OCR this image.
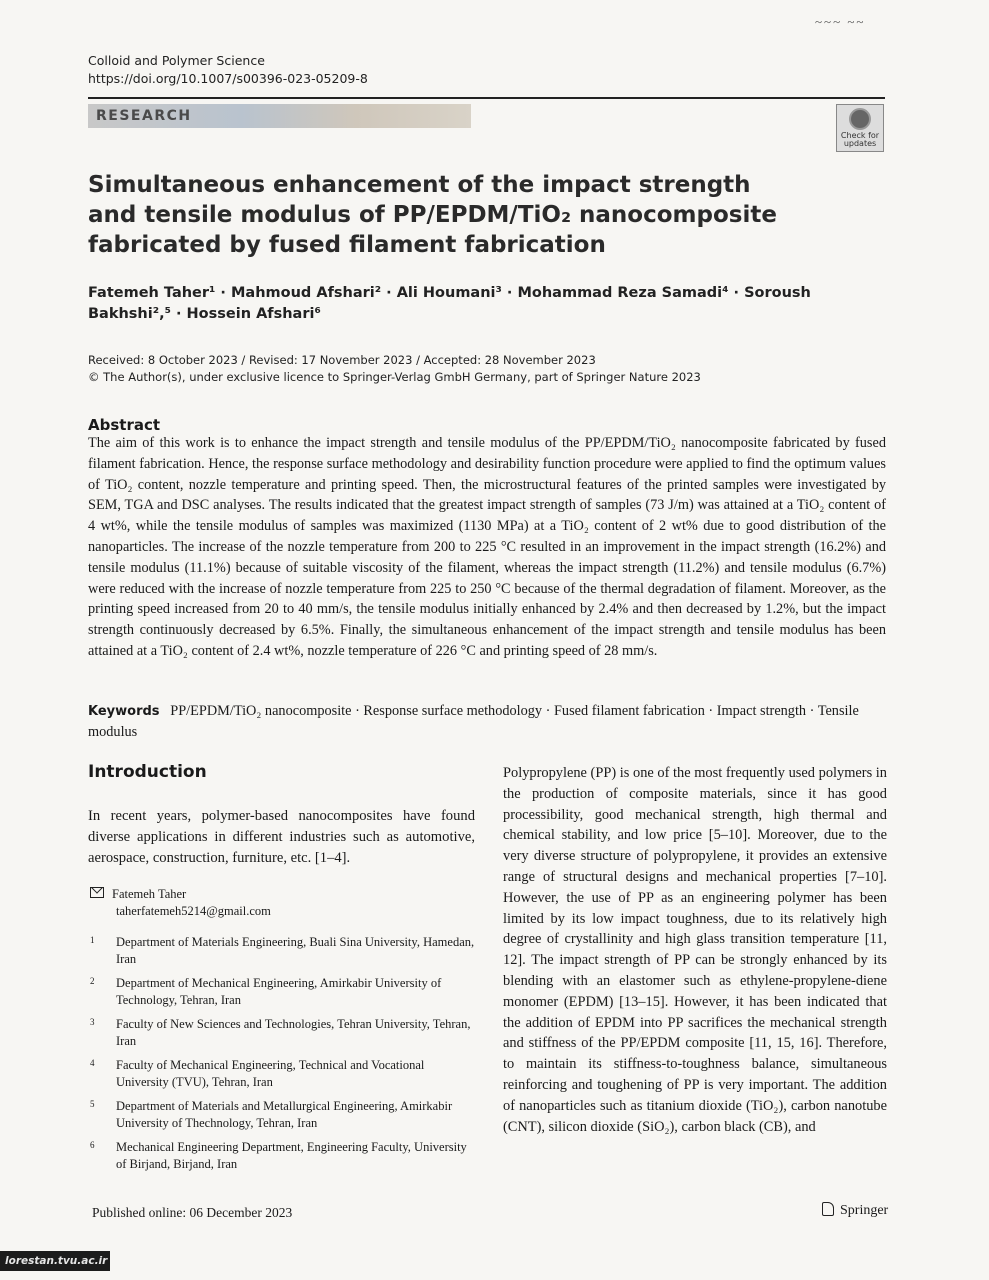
~~~ ~~
Colloid and Polymer Science
https://doi.org/10.1007/s00396-023-05209-8
RESEARCH
Check for updates
Simultaneous enhancement of the impact strength and tensile modulus of PP/EPDM/TiO₂ nanocomposite fabricated by fused filament fabrication
Fatemeh Taher¹ · Mahmoud Afshari² · Ali Houmani³ · Mohammad Reza Samadi⁴ · Soroush Bakhshi²,⁵ · Hossein Afshari⁶
Received: 8 October 2023 / Revised: 17 November 2023 / Accepted: 28 November 2023
© The Author(s), under exclusive licence to Springer-Verlag GmbH Germany, part of Springer Nature 2023
Abstract
The aim of this work is to enhance the impact strength and tensile modulus of the PP/EPDM/TiO₂ nanocomposite fabricated by fused filament fabrication. Hence, the response surface methodology and desirability function procedure were applied to find the optimum values of TiO₂ content, nozzle temperature and printing speed. Then, the microstructural features of the printed samples were investigated by SEM, TGA and DSC analyses. The results indicated that the greatest impact strength of samples (73 J/m) was attained at a TiO₂ content of 4 wt%, while the tensile modulus of samples was maximized (1130 MPa) at a TiO₂ content of 2 wt% due to good distribution of the nanoparticles. The increase of the nozzle temperature from 200 to 225 °C resulted in an improvement in the impact strength (16.2%) and tensile modulus (11.1%) because of suitable viscosity of the filament, whereas the impact strength (11.2%) and tensile modulus (6.7%) were reduced with the increase of nozzle temperature from 225 to 250 °C because of the thermal degradation of filament. Moreover, as the printing speed increased from 20 to 40 mm/s, the tensile modulus initially enhanced by 2.4% and then decreased by 1.2%, but the impact strength continuously decreased by 6.5%. Finally, the simultaneous enhancement of the impact strength and tensile modulus has been attained at a TiO₂ content of 2.4 wt%, nozzle temperature of 226 °C and printing speed of 28 mm/s.
Keywords PP/EPDM/TiO₂ nanocomposite · Response surface methodology · Fused filament fabrication · Impact strength · Tensile modulus
Introduction
In recent years, polymer-based nanocomposites have found diverse applications in different industries such as automotive, aerospace, construction, furniture, etc. [1–4].
Polypropylene (PP) is one of the most frequently used polymers in the production of composite materials, since it has good processibility, good mechanical strength, high thermal and chemical stability, and low price [5–10]. Moreover, due to the very diverse structure of polypropylene, it provides an extensive range of structural designs and mechanical properties [7–10]. However, the use of PP as an engineering polymer has been limited by its low impact toughness, due to its relatively high degree of crystallinity and high glass transition temperature [11, 12]. The impact strength of PP can be strongly enhanced by its blending with an elastomer such as ethylene-propylene-diene monomer (EPDM) [13–15]. However, it has been indicated that the addition of EPDM into PP sacrifices the mechanical strength and stiffness of the PP/EPDM composite [11, 15, 16]. Therefore, to maintain its stiffness-to-toughness balance, simultaneous reinforcing and toughening of PP is very important. The addition of nanoparticles such as titanium dioxide (TiO₂), carbon nanotube (CNT), silicon dioxide (SiO₂), carbon black (CB), and
Fatemeh Taher
taherfatemeh5214@gmail.com
1 Department of Materials Engineering, Buali Sina University, Hamedan, Iran
2 Department of Mechanical Engineering, Amirkabir University of Technology, Tehran, Iran
3 Faculty of New Sciences and Technologies, Tehran University, Tehran, Iran
4 Faculty of Mechanical Engineering, Technical and Vocational University (TVU), Tehran, Iran
5 Department of Materials and Metallurgical Engineering, Amirkabir University of Thechnology, Tehran, Iran
6 Mechanical Engineering Department, Engineering Faculty, University of Birjand, Birjand, Iran
Published online: 06 December 2023	Springer
lorestan.tvu.ac.ir
